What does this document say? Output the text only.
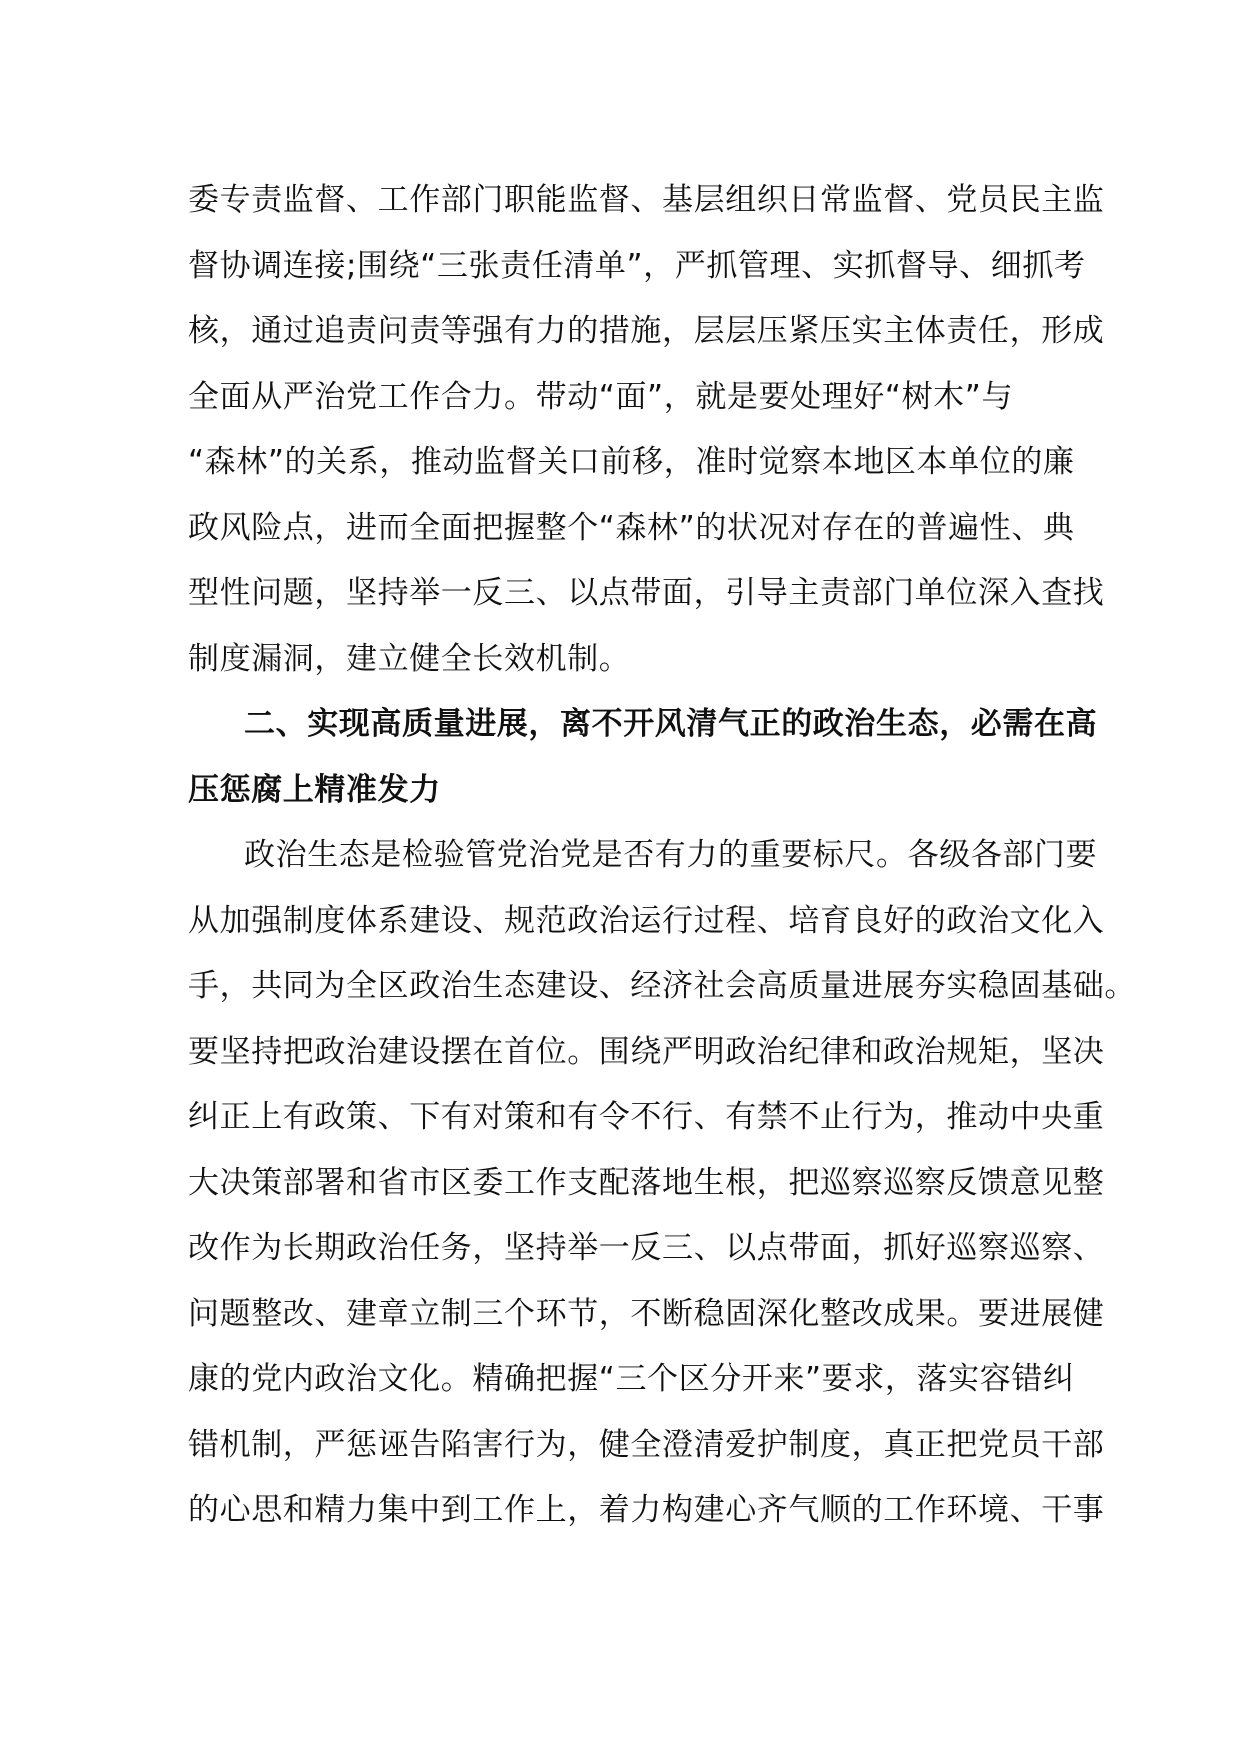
委专责监督、工作部门职能监督、基层组织日常监督、党员民主监
督协调连接;围绕“三张责任清单”，严抓管理、实抓督导、细抓考
核，通过追责问责等强有力的措施，层层压紧压实主体责任，形成
全面从严治党工作合力。带动“面”，就是要处理好“树木”与
“森林”的关系，推动监督关口前移，准时觉察本地区本单位的廉
政风险点，进而全面把握整个“森林”的状况对存在的普遍性、典
型性问题，坚持举一反三、以点带面，引导主责部门单位深入查找
制度漏洞，建立健全长效机制。
二、实现高质量进展，离不开风清气正的政治生态，必需在高
压惩腐上精准发力
政治生态是检验管党治党是否有力的重要标尺。各级各部门要
从加强制度体系建设、规范政治运行过程、培育良好的政治文化入
手，共同为全区政治生态建设、经济社会高质量进展夯实稳固基础。
要坚持把政治建设摆在首位。围绕严明政治纪律和政治规矩，坚决
纠正上有政策、下有对策和有令不行、有禁不止行为，推动中央重
大决策部署和省市区委工作支配落地生根，把巡察巡察反馈意见整
改作为长期政治任务，坚持举一反三、以点带面，抓好巡察巡察、
问题整改、建章立制三个环节，不断稳固深化整改成果。要进展健
康的党内政治文化。精确把握“三个区分开来”要求，落实容错纠
错机制，严惩诬告陷害行为，健全澄清爱护制度，真正把党员干部
的心思和精力集中到工作上，着力构建心齐气顺的工作环境、干事
